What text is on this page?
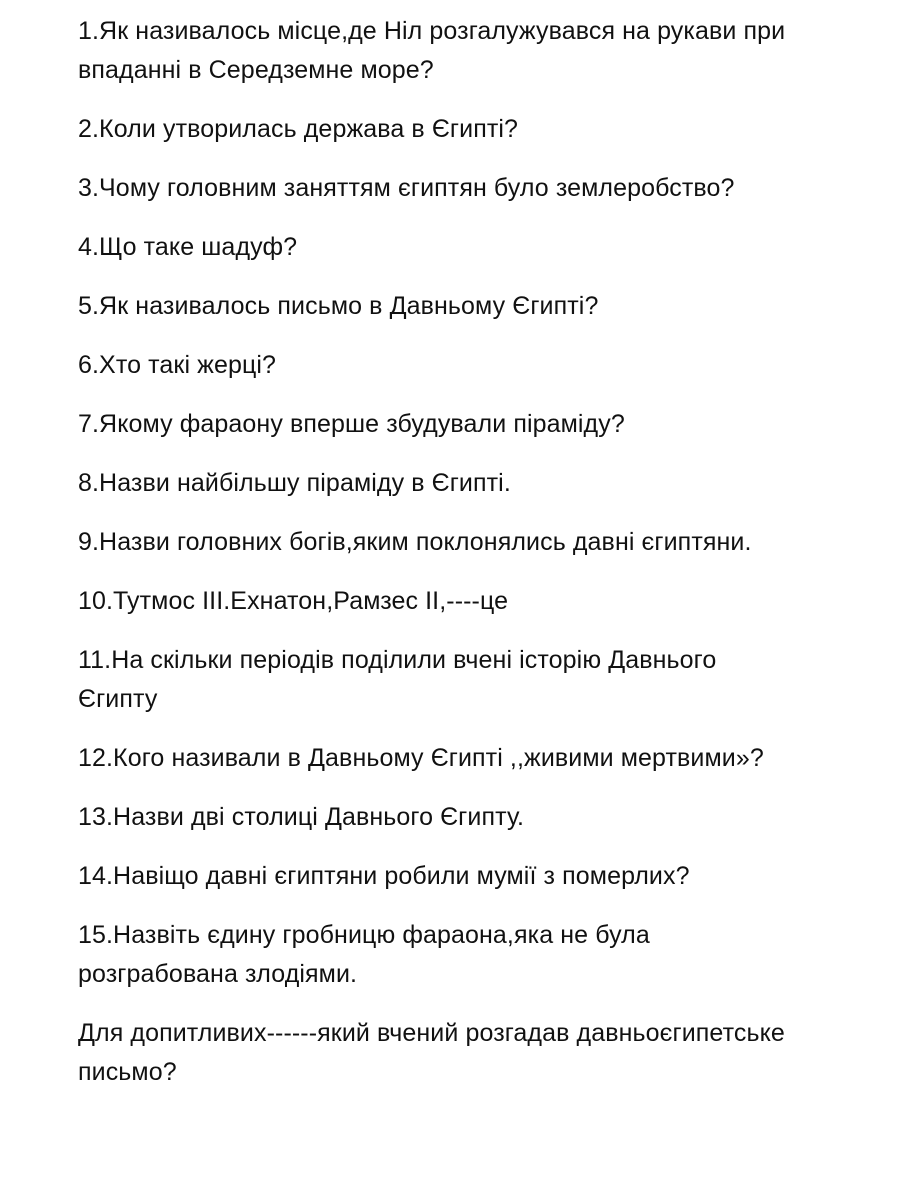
1.Як називалось місце,де Ніл розгалужувався на рукави при
впаданні в Середземне море?

2.Коли утворилась держава в Єгипті?

3.Чому головним заняттям єгиптян було землеробство?

4.Що таке шадуф?

5.Як називалось письмо в Давньому Єгипті?

6.Хто такі жерці?

7.Якому фараону вперше збудували піраміду?

8.Назви найбільшу піраміду в Єгипті.

9.Назви головних богів,яким поклонялись давні єгиптяни.

10.Тутмос III.Ехнатон,Рамзес II,----це

11.На скільки періодів поділили вчені історію Давнього
Єгипту

12.Кого називали в Давньому Єгипті ,,живими мертвими»?

13.Назви дві столиці Давнього Єгипту.

14.Навіщо давні єгиптяни робили мумії з померлих?

15.Назвіть єдину гробницю фараона,яка не була
розграбована злодіями.

Для допитливих------який вчений розгадав давньоєгипетське
письмо?
